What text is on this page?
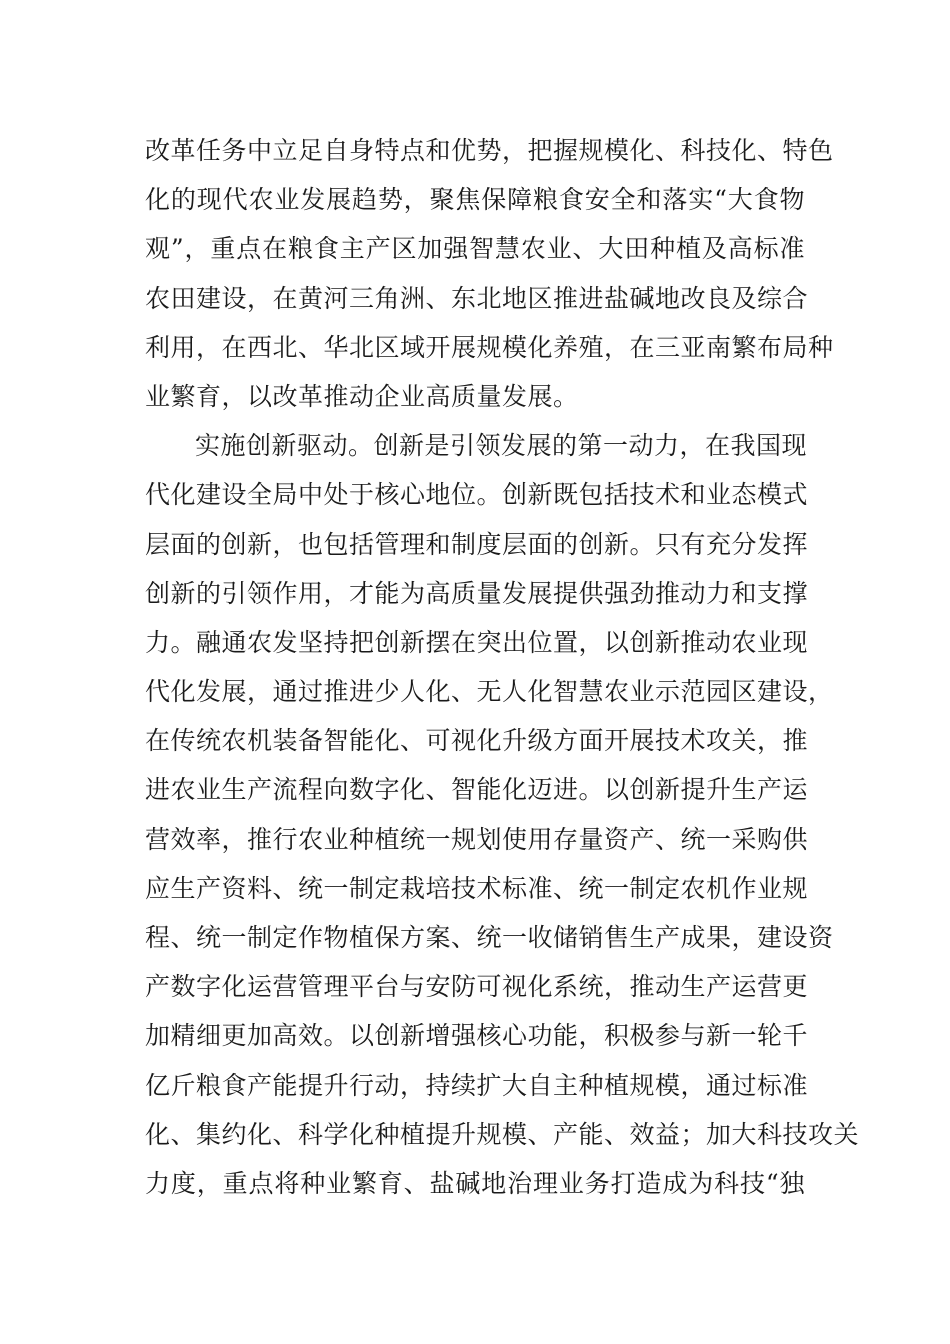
改革任务中立足自身特点和优势，把握规模化、科技化、特色
化的现代农业发展趋势，聚焦保障粮食安全和落实“大食物
观”，重点在粮食主产区加强智慧农业、大田种植及高标准
农田建设，在黄河三角洲、东北地区推进盐碱地改良及综合
利用，在西北、华北区域开展规模化养殖，在三亚南繁布局种
业繁育，以改革推动企业高质量发展。
实施创新驱动。创新是引领发展的第一动力，在我国现
代化建设全局中处于核心地位。创新既包括技术和业态模式
层面的创新，也包括管理和制度层面的创新。只有充分发挥
创新的引领作用，才能为高质量发展提供强劲推动力和支撑
力。融通农发坚持把创新摆在突出位置，以创新推动农业现
代化发展，通过推进少人化、无人化智慧农业示范园区建设，
在传统农机装备智能化、可视化升级方面开展技术攻关，推
进农业生产流程向数字化、智能化迈进。以创新提升生产运
营效率，推行农业种植统一规划使用存量资产、统一采购供
应生产资料、统一制定栽培技术标准、统一制定农机作业规
程、统一制定作物植保方案、统一收储销售生产成果，建设资
产数字化运营管理平台与安防可视化系统，推动生产运营更
加精细更加高效。以创新增强核心功能，积极参与新一轮千
亿斤粮食产能提升行动，持续扩大自主种植规模，通过标准
化、集约化、科学化种植提升规模、产能、效益；加大科技攻关
力度，重点将种业繁育、盐碱地治理业务打造成为科技“独
